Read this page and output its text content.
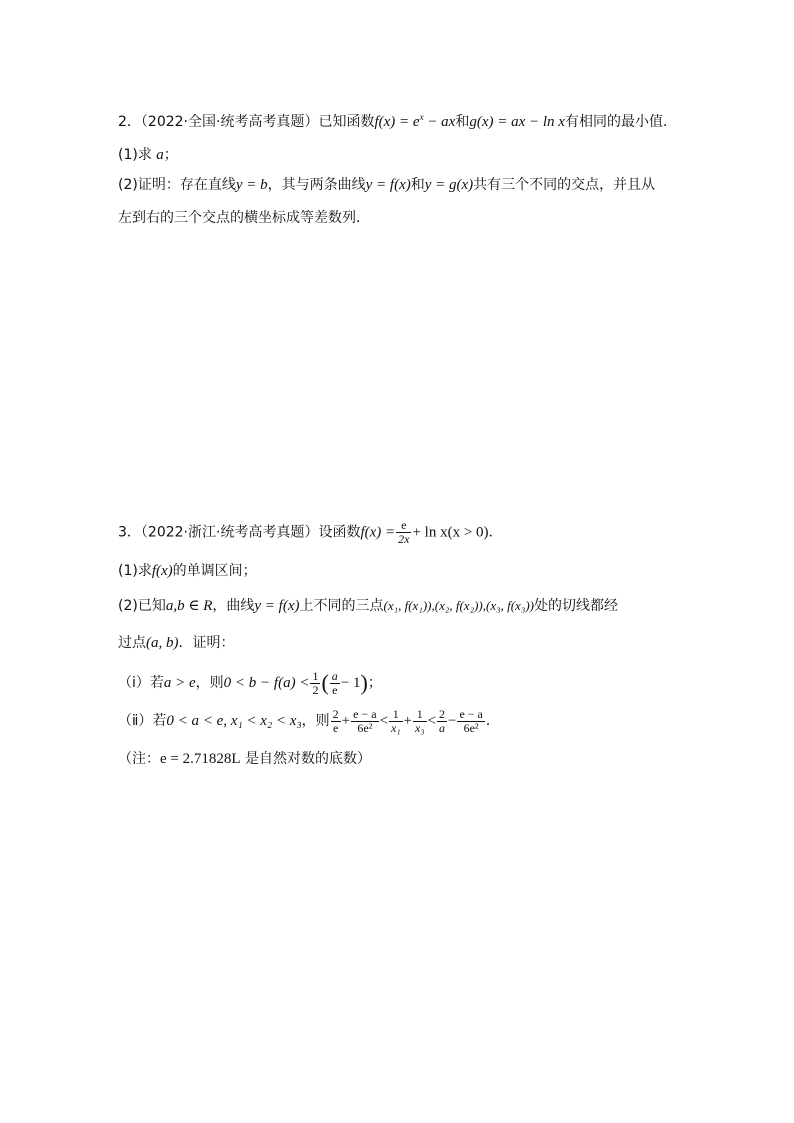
2．（2022·全国·统考高考真题）已知函数$f(x) = e^x$ − ax和g(x) = ax − ln x有相同的最小值．
(1)求 a；
(2)证明：存在直线y = b，其与两条曲线y = f(x)和y = g(x)共有三个不同的交点，并且从
左到右的三个交点的横坐标成等差数列．
3．（2022·浙江·统考高考真题）设函数$f(x) = \frac{e}{2x} + \ln x(x > 0)$．
(1)求f(x)的单调区间；
(2)已知a,b ∈ R，曲线y = f(x)上不同的三点(x₁, f(x₁)),(x₂, f(x₂)),(x₃, f(x₃))处的切线都经
过点(a, b)．证明：
（ⅰ）若a > e，则$0 < b - f(a) < \frac{1}{2}$ ( $\frac{a}{e} - 1$)；
（ⅱ）若0 < a < e, x₁ < x₂ < x₃，则 $\frac{2}{e} + \frac{e - a}{\text{6e²}} < \frac{1}{\text{x₁}} + \frac{1}{\text{x₃}} < \frac{2}{a} - \frac{e - a}{\text{6e²}}$ ．
（注：e = 2.71828L 是自然对数的底数）
